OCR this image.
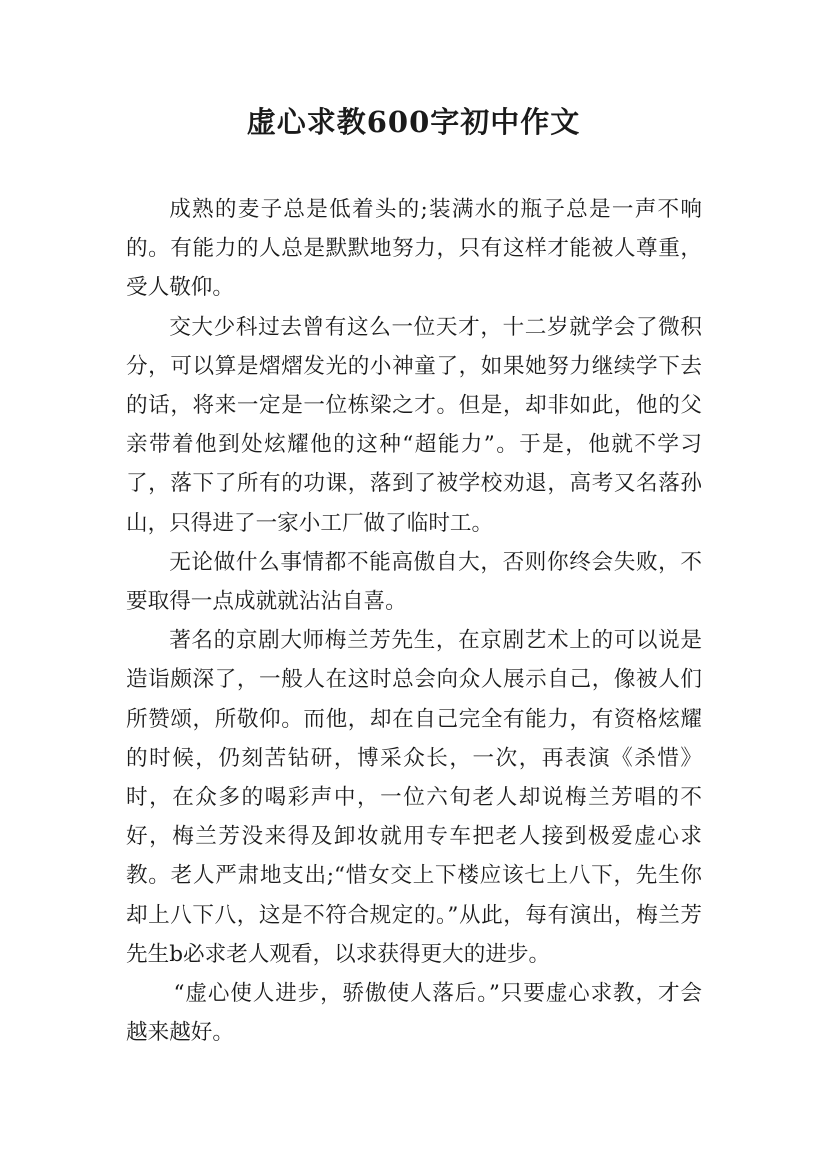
虚心求教600字初中作文

成熟的麦子总是低着头的;装满水的瓶子总是一声不响的。有能力的人总是默默地努力，只有这样才能被人尊重，受人敬仰。

交大少科过去曾有这么一位天才，十二岁就学会了微积分，可以算是熠熠发光的小神童了，如果她努力继续学下去的话，将来一定是一位栋梁之才。但是，却非如此，他的父亲带着他到处炫耀他的这种“超能力”。于是，他就不学习了，落下了所有的功课，落到了被学校劝退，高考又名落孙山，只得进了一家小工厂做了临时工。

无论做什么事情都不能高傲自大，否则你终会失败，不要取得一点成就就沾沾自喜。

著名的京剧大师梅兰芳先生，在京剧艺术上的可以说是造诣颇深了，一般人在这时总会向众人展示自己，像被人们所赞颂，所敬仰。而他，却在自己完全有能力，有资格炫耀的时候，仍刻苦钻研，博采众长，一次，再表演《杀惜》时，在众多的喝彩声中，一位六旬老人却说梅兰芳唱的不好，梅兰芳没来得及卸妆就用专车把老人接到极爱虚心求教。老人严肃地支出;“惜女交上下楼应该七上八下，先生你却上八下八，这是不符合规定的。”从此，每有演出，梅兰芳先生b必求老人观看，以求获得更大的进步。

“虚心使人进步，骄傲使人落后。”只要虚心求教，才会越来越好。
